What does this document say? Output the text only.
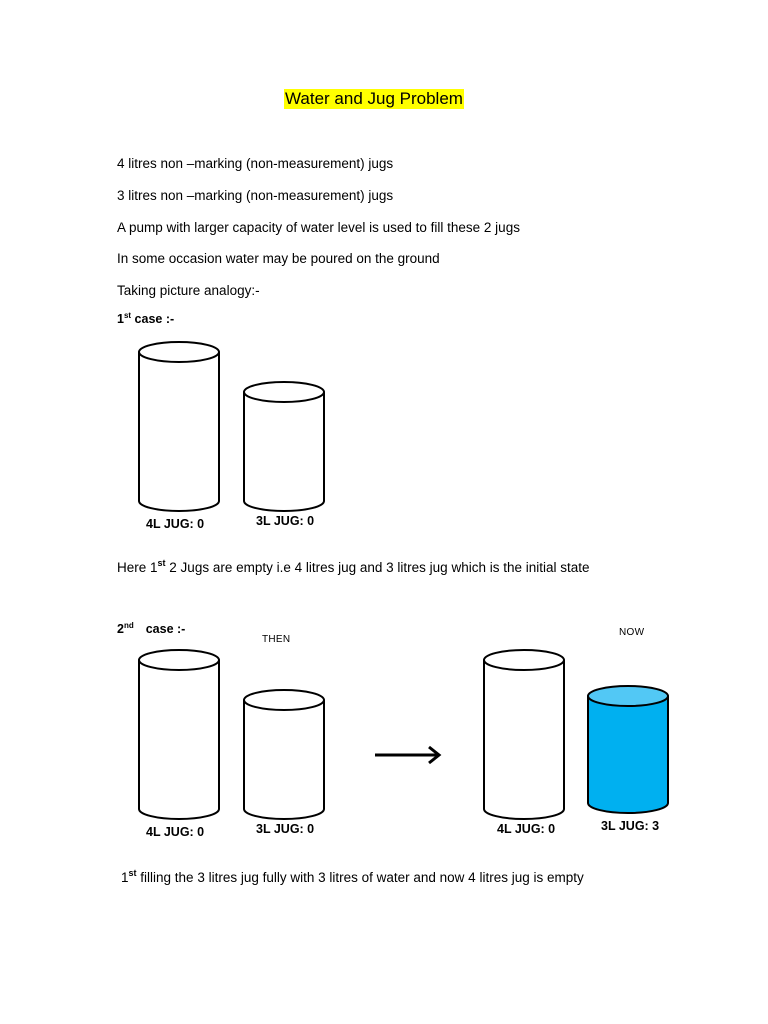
Water and Jug Problem
4 litres non –marking (non-measurement) jugs
3 litres non –marking (non-measurement) jugs
A pump with larger capacity of water level is used to fill these 2 jugs
In some occasion water may be poured on the ground
Taking picture analogy:-
1st case :-
4L JUG: 0	3L JUG: 0
Here 1st 2 Jugs are empty i.e 4 litres jug and 3 litres jug which is the initial state
2nd case :-
THEN
NOW
4L JUG: 0	3L JUG: 0	4L JUG: 0	3L JUG: 3
1st filling the 3 litres jug fully with 3 litres of water and now 4 litres jug is empty
